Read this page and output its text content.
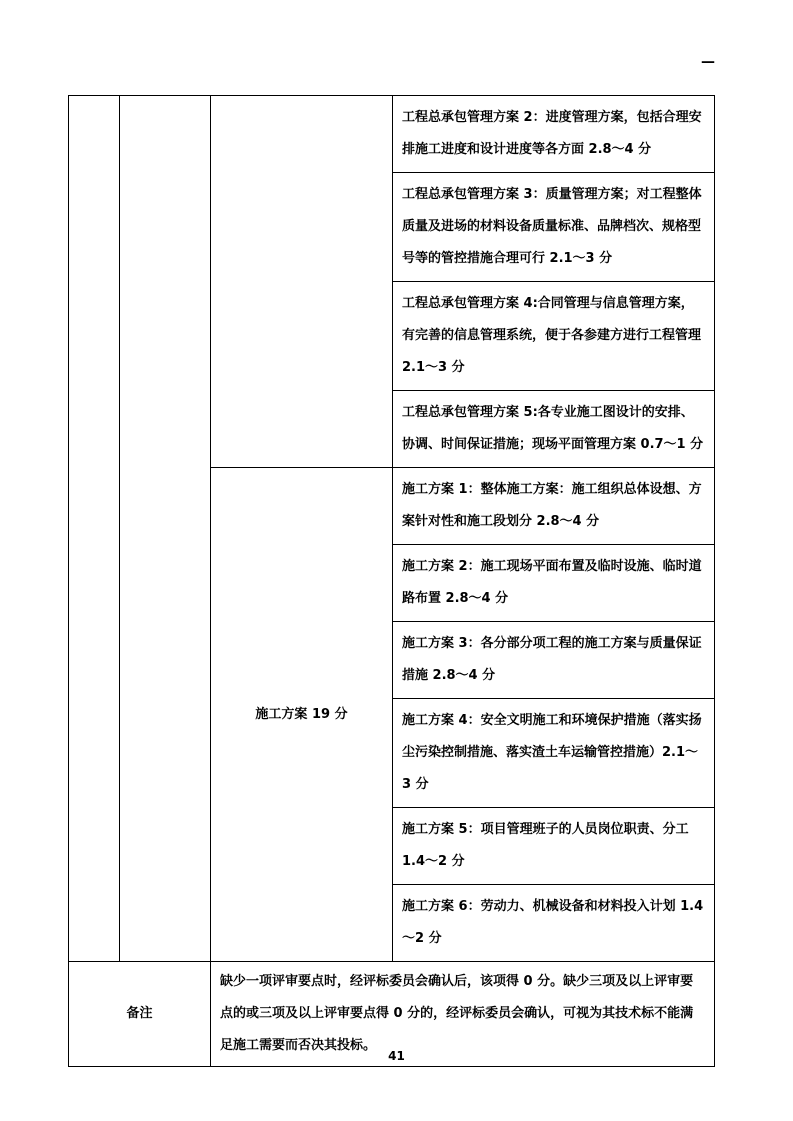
—
			工程总承包管理方案 2：进度管理方案，包括合理安排施工进度和设计进度等各方面 2.8～4 分
			工程总承包管理方案 3：质量管理方案；对工程整体质量及进场的材料设备质量标准、品牌档次、规格型号等的管控措施合理可行 2.1～3 分
			工程总承包管理方案 4:合同管理与信息管理方案，有完善的信息管理系统，便于各参建方进行工程管理 2.1～3 分
			工程总承包管理方案 5:各专业施工图设计的安排、协调、时间保证措施；现场平面管理方案 0.7～1 分
		施工方案 19 分	施工方案 1：整体施工方案：施工组织总体设想、方案针对性和施工段划分 2.8～4 分
			施工方案 2：施工现场平面布置及临时设施、临时道路布置 2.8～4 分
			施工方案 3：各分部分项工程的施工方案与质量保证措施 2.8～4 分
			施工方案 4：安全文明施工和环境保护措施（落实扬尘污染控制措施、落实渣土车运输管控措施）2.1～3 分
			施工方案 5：项目管理班子的人员岗位职责、分工 1.4～2 分
			施工方案 6：劳动力、机械设备和材料投入计划 1.4～2 分
备注		缺少一项评审要点时，经评标委员会确认后，该项得 0 分。缺少三项及以上评审要点的或三项及以上评审要点得 0 分的，经评标委员会确认，可视为其技术标不能满足施工需要而否决其投标。	
41
